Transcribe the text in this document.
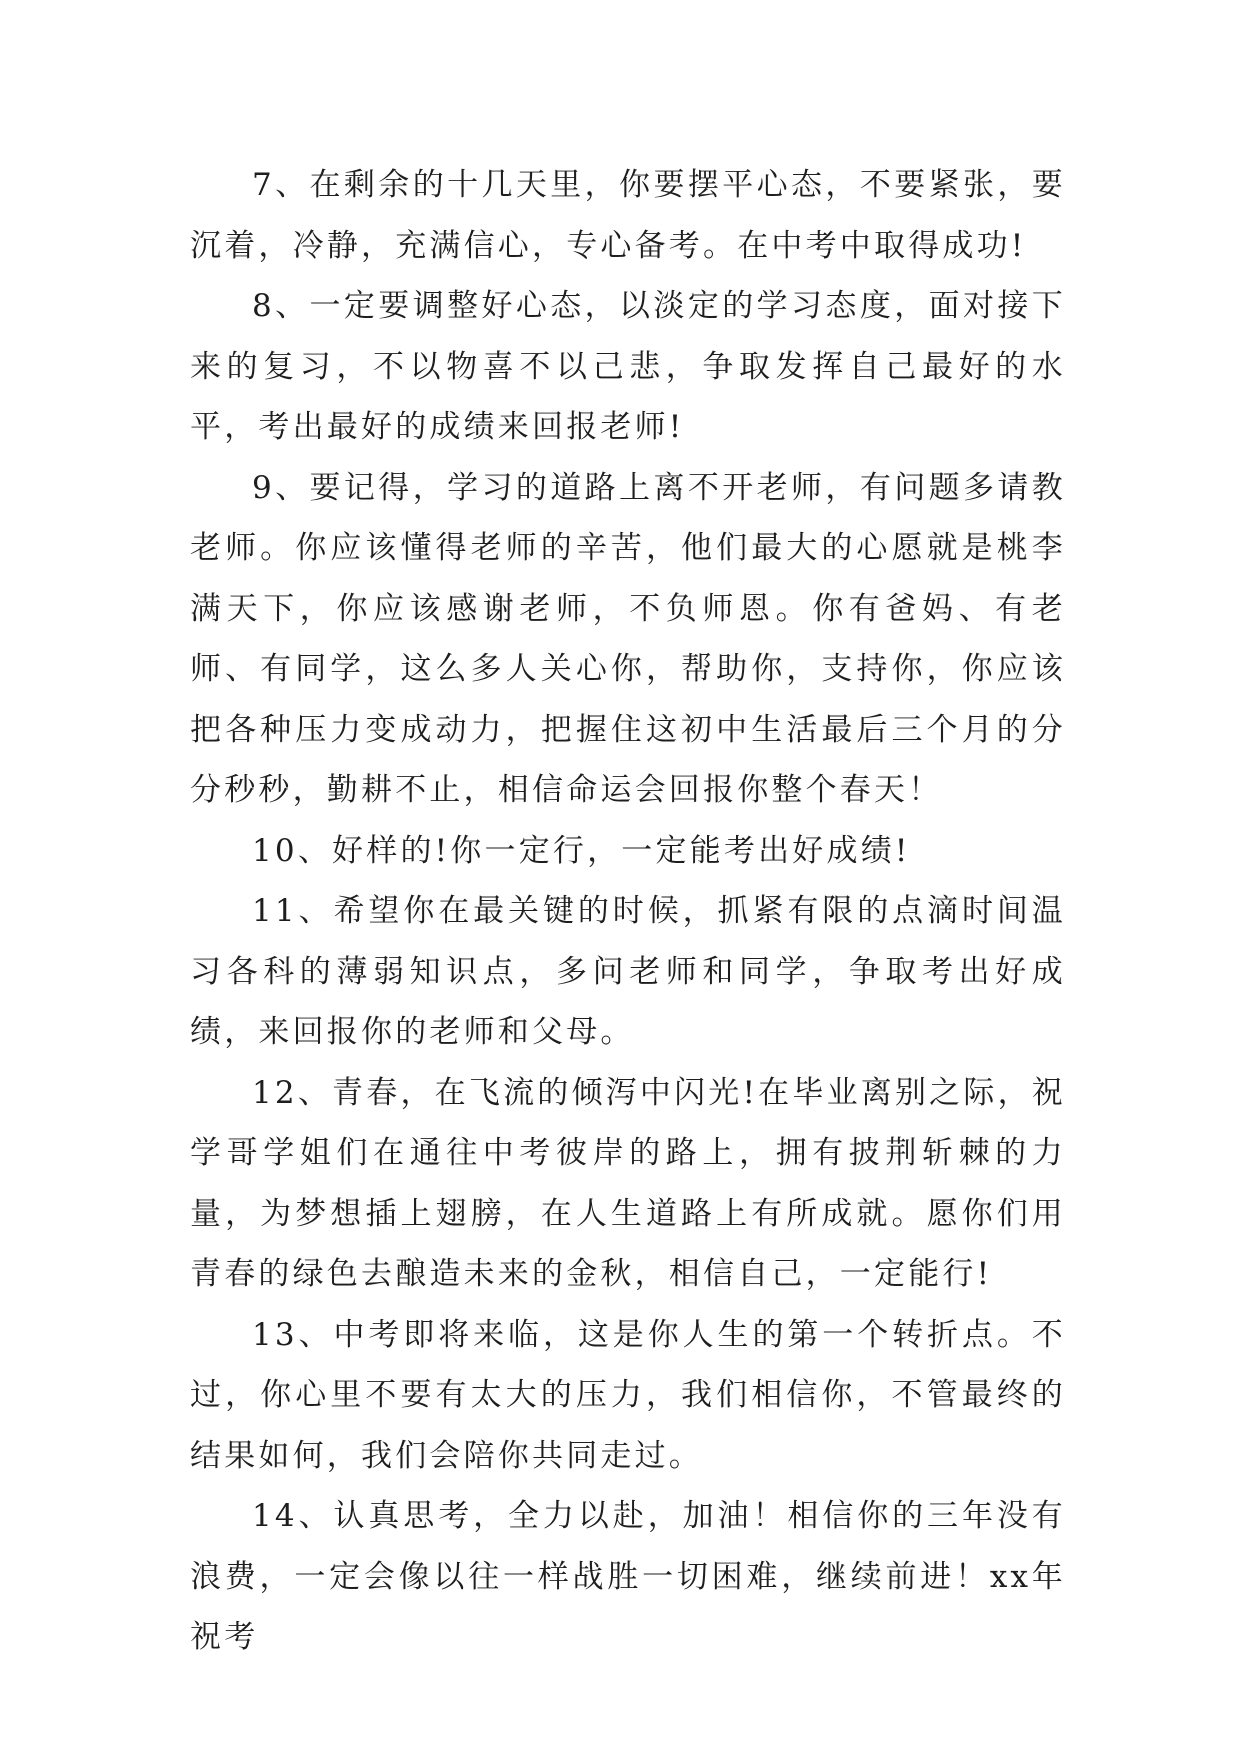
7、在剩余的十几天里，你要摆平心态，不要紧张，要沉着，冷静，充满信心，专心备考。在中考中取得成功!

8、一定要调整好心态，以淡定的学习态度，面对接下来的复习，不以物喜不以己悲，争取发挥自己最好的水平，考出最好的成绩来回报老师!

9、要记得，学习的道路上离不开老师，有问题多请教老师。你应该懂得老师的辛苦，他们最大的心愿就是桃李满天下，你应该感谢老师，不负师恩。你有爸妈、有老师、有同学，这么多人关心你，帮助你，支持你，你应该把各种压力变成动力，把握住这初中生活最后三个月的分分秒秒，勤耕不止，相信命运会回报你整个春天！

10、好样的!你一定行，一定能考出好成绩!

11、希望你在最关键的时候，抓紧有限的点滴时间温习各科的薄弱知识点，多问老师和同学，争取考出好成绩，来回报你的老师和父母。

12、青春，在飞流的倾泻中闪光!在毕业离别之际，祝学哥学姐们在通往中考彼岸的路上，拥有披荆斩棘的力量，为梦想插上翅膀，在人生道路上有所成就。愿你们用青春的绿色去酿造未来的金秋，相信自己，一定能行!

13、中考即将来临，这是你人生的第一个转折点。不过，你心里不要有太大的压力，我们相信你，不管最终的结果如何，我们会陪你共同走过。

14、认真思考，全力以赴，加油！相信你的三年没有浪费，一定会像以往一样战胜一切困难，继续前进！xx年祝考
